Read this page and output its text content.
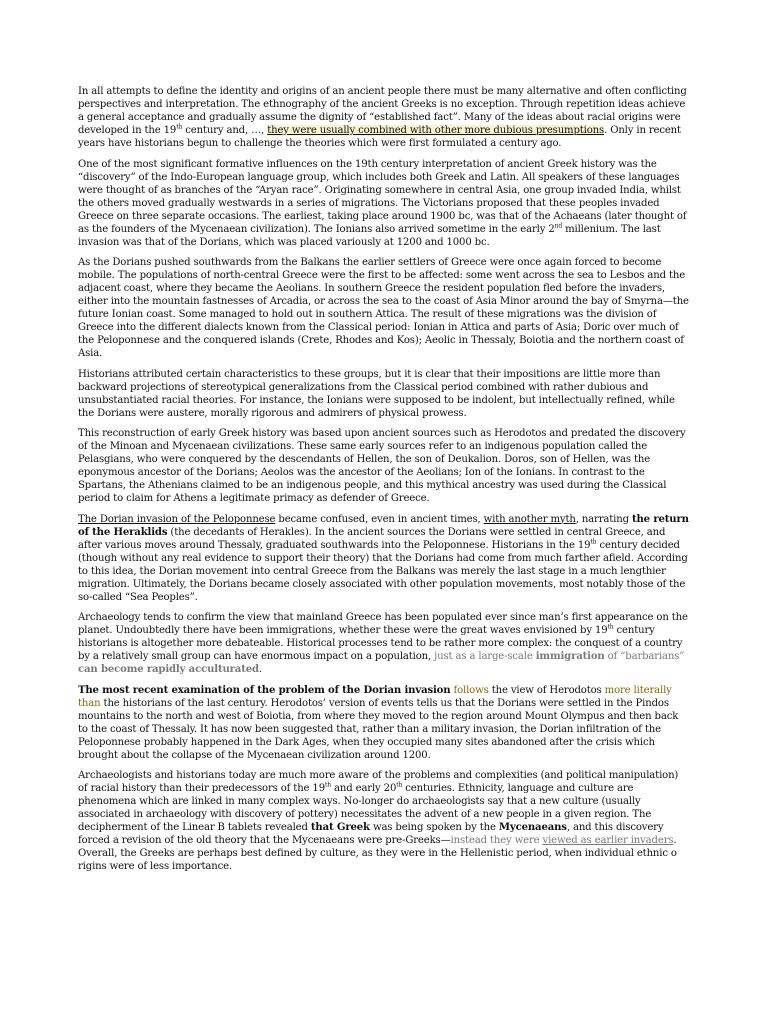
In all attempts to define the identity and origins of an ancient people there must be many alternative and often conflicting perspectives and interpretation. The ethnography of the ancient Greeks is no exception. Through repetition ideas achieve a general acceptance and gradually assume the dignity of “established fact”. Many of the ideas about racial origins were developed in the 19th century and, …, they were usually combined with other more dubious presumptions. Only in recent years have historians begun to challenge the theories which were first formulated a century ago.

One of the most significant formative influences on the 19th century interpretation of ancient Greek history was the “discovery” of the Indo-European language group, which includes both Greek and Latin. All speakers of these languages were thought of as branches of the “Aryan race”. Originating somewhere in central Asia, one group invaded India, whilst the others moved gradually westwards in a series of migrations. The Victorians proposed that these peoples invaded Greece on three separate occasions. The earliest, taking place around 1900 bc, was that of the Achaeans (later thought of as the founders of the Mycenaean civilization). The Ionians also arrived sometime in the early 2nd millenium. The last invasion was that of the Dorians, which was placed variously at 1200 and 1000 bc.

As the Dorians pushed southwards from the Balkans the earlier settlers of Greece were once again forced to become mobile. The populations of north-central Greece were the first to be affected: some went across the sea to Lesbos and the adjacent coast, where they became the Aeolians. In southern Greece the resident population fled before the invaders, either into the mountain fastnesses of Arcadia, or across the sea to the coast of Asia Minor around the bay of Smyrna—the future Ionian coast. Some managed to hold out in southern Attica. The result of these migrations was the division of Greece into the different dialects known from the Classical period: Ionian in Attica and parts of Asia; Doric over much of the Peloponnese and the conquered islands (Crete, Rhodes and Kos); Aeolic in Thessaly, Boiotia and the northern coast of Asia.

Historians attributed certain characteristics to these groups, but it is clear that their impositions are little more than backward projections of stereotypical generalizations from the Classical period combined with rather dubious and unsubstantiated racial theories. For instance, the Ionians were supposed to be indolent, but intellectually refined, while the Dorians were austere, morally rigorous and admirers of physical prowess.

This reconstruction of early Greek history was based upon ancient sources such as Herodotos and predated the discovery of the Minoan and Mycenaean civilizations. These same early sources refer to an indigenous population called the Pelasgians, who were conquered by the descendants of Hellen, the son of Deukalion. Doros, son of Hellen, was the eponymous ancestor of the Dorians; Aeolos was the ancestor of the Aeolians; Ion of the Ionians. In contrast to the Spartans, the Athenians claimed to be an indigenous people, and this mythical ancestry was used during the Classical period to claim for Athens a legitimate primacy as defender of Greece.

The Dorian invasion of the Peloponnese became confused, even in ancient times, with another myth, narrating the return of the Heraklids (the decedants of Herakles). In the ancient sources the Dorians were settled in central Greece, and after various moves around Thessaly, graduated southwards into the Peloponnese. Historians in the 19th century decided (though without any real evidence to support their theory) that the Dorians had come from much farther afield. According to this idea, the Dorian movement into central Greece from the Balkans was merely the last stage in a much lengthier migration. Ultimately, the Dorians became closely associated with other population movements, most notably those of the so-called “Sea Peoples”.

Archaeology tends to confirm the view that mainland Greece has been populated ever since man’s first appearance on the planet. Undoubtedly there have been immigrations, whether these were the great waves envisioned by 19th century historians is altogether more debateable. Historical processes tend to be rather more complex: the conquest of a country by a relatively small group can have enormous impact on a population, just as a large-scale immigration of “barbarians” can become rapidly acculturated.

The most recent examination of the problem of the Dorian invasion follows the view of Herodotos more literally than the historians of the last century. Herodotos’ version of events tells us that the Dorians were settled in the Pindos mountains to the north and west of Boiotia, from where they moved to the region around Mount Olympus and then back to the coast of Thessaly. It has now been suggested that, rather than a military invasion, the Dorian infiltration of the Peloponnese probably happened in the Dark Ages, when they occupied many sites abandoned after the crisis which brought about the collapse of the Mycenaean civilization around 1200.

Archaeologists and historians today are much more aware of the problems and complexities (and political manipulation) of racial history than their predecessors of the 19th and early 20th centuries. Ethnicity, language and culture are phenomena which are linked in many complex ways. No-longer do archaeologists say that a new culture (usually associated in archaeology with discovery of pottery) necessitates the advent of a new people in a given region. The decipherment of the Linear B tablets revealed that Greek was being spoken by the Mycenaeans, and this discovery forced a revision of the old theory that the Mycenaeans were pre-Greeks—instead they were viewed as earlier invaders. Overall, the Greeks are perhaps best defined by culture, as they were in the Hellenistic period, when individual ethnic o rigins were of less importance.
